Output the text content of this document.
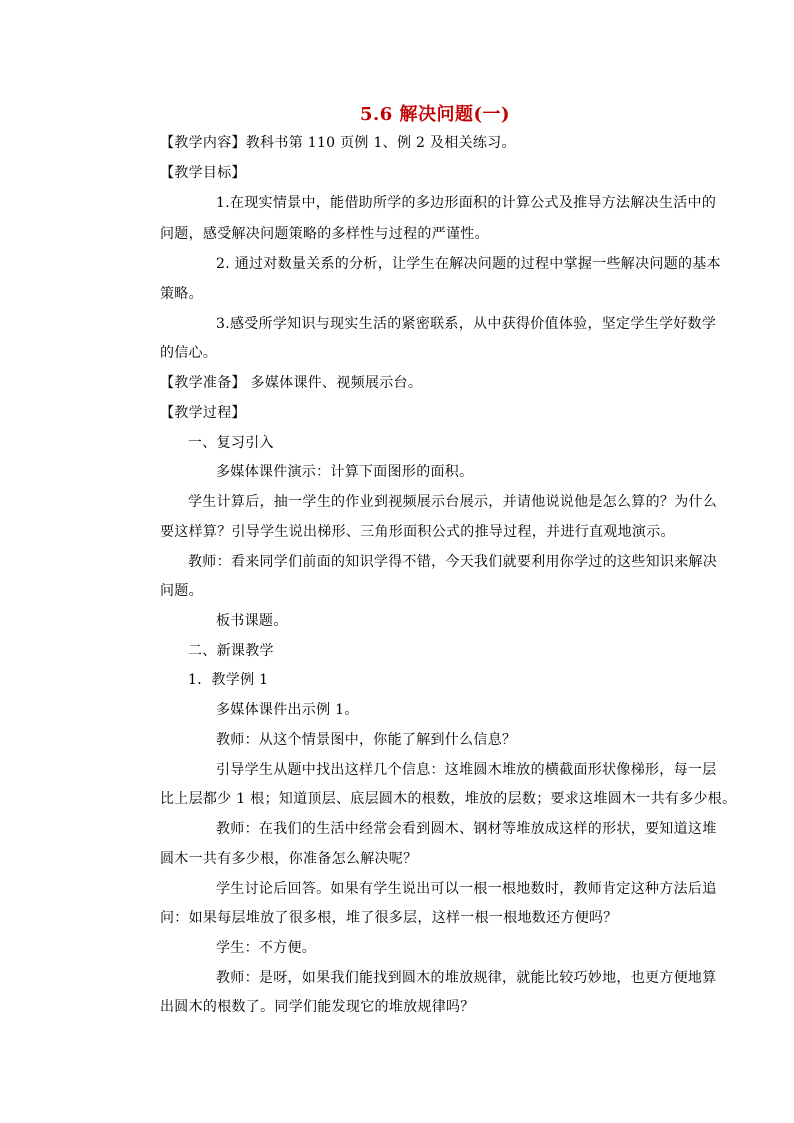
5.6 解决问题(一)
【教学内容】教科书第 110 页例 1、例 2 及相关练习。
【教学目标】
1.在现实情景中，能借助所学的多边形面积的计算公式及推导方法解决生活中的
问题，感受解决问题策略的多样性与过程的严谨性。
2. 通过对数量关系的分析，让学生在解决问题的过程中掌握一些解决问题的基本
策略。
3.感受所学知识与现实生活的紧密联系，从中获得价值体验，坚定学生学好数学
的信心。
【教学准备】 多媒体课件、视频展示台。
【教学过程】
一、复习引入
多媒体课件演示：计算下面图形的面积。
学生计算后，抽一学生的作业到视频展示台展示，并请他说说他是怎么算的？为什么
要这样算？引导学生说出梯形、三角形面积公式的推导过程，并进行直观地演示。
教师：看来同学们前面的知识学得不错，今天我们就要利用你学过的这些知识来解决
问题。
板书课题。
二、新课教学
1．教学例 1
多媒体课件出示例 1。
教师：从这个情景图中，你能了解到什么信息？
引导学生从题中找出这样几个信息：这堆圆木堆放的横截面形状像梯形，每一层
比上层都少 1 根；知道顶层、底层圆木的根数，堆放的层数；要求这堆圆木一共有多少根。
教师：在我们的生活中经常会看到圆木、钢材等堆放成这样的形状，要知道这堆
圆木一共有多少根，你准备怎么解决呢？
学生讨论后回答。如果有学生说出可以一根一根地数时，教师肯定这种方法后追
问：如果每层堆放了很多根，堆了很多层，这样一根一根地数还方便吗？
学生：不方便。
教师：是呀，如果我们能找到圆木的堆放规律，就能比较巧妙地，也更方便地算
出圆木的根数了。同学们能发现它的堆放规律吗？
